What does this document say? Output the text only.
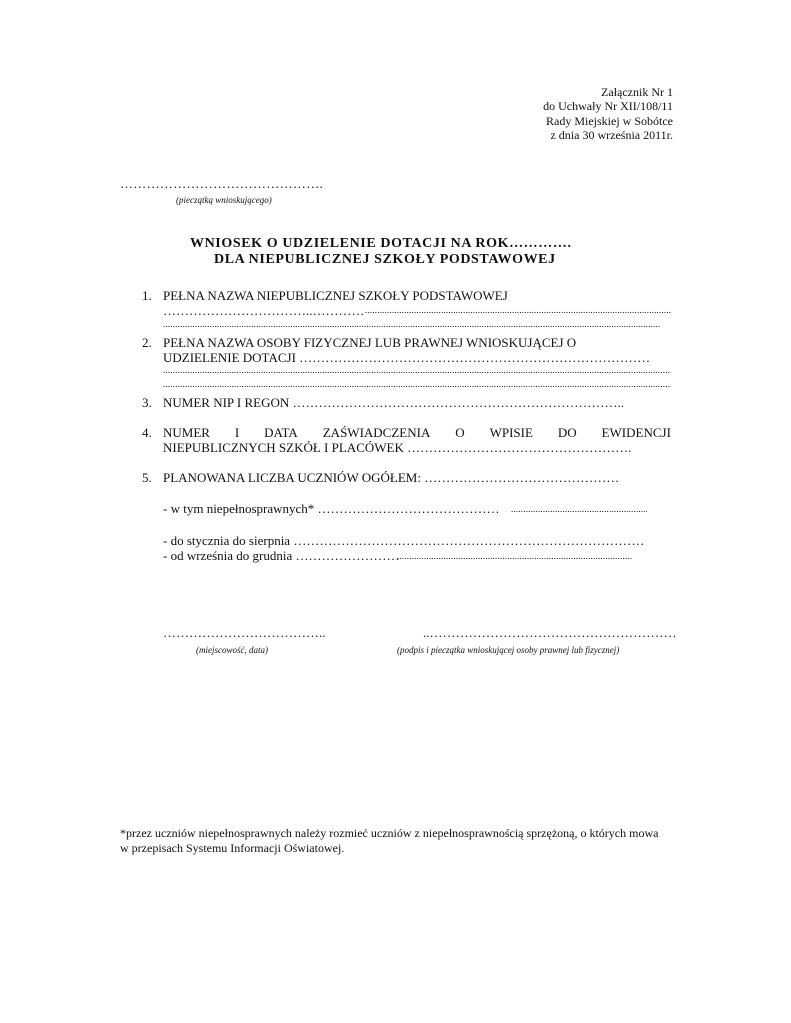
Załącznik Nr 1
do Uchwały Nr XII/108/11
Rady Miejskiej w Sobótce
z dnia 30 września 2011r.
……………………………………….
(pieczątką wnioskującego)
WNIOSEK O UDZIELENIE DOTACJI NA ROK………….
DLA NIEPUBLICZNEJ SZKOŁY PODSTAWOWEJ
1. PEŁNA NAZWA NIEPUBLICZNEJ SZKOŁY PODSTAWOWEJ
……………………………..…………
.....
.....
2. PEŁNA NAZWA OSOBY FIZYCZNEJ LUB PRAWNEJ WNIOSKUJĄCEJ O
UDZIELENIE DOTACJI ………………………………………………………………………
.....
.....
3. NUMER NIP I REGON …………………………………………………………………..
4. NUMER I DATA ZAŚWIADCZENIA O WPISIE DO EWIDENCJI
NIEPUBLICZNYCH SZKÓŁ I PLACÓWEK …………………………………………….
5. PLANOWANA LICZBA UCZNIÓW OGÓŁEM: ………………………………………
- w tym niepełnosprawnych* ……………………………………
.....
- do stycznia do sierpnia ………………………………………………………………………
- od września do grudnia ……………………
.....
………………………………..	..…………………………………………………
(miejscowość, data)	(podpis i pieczątka wnioskującej osoby prawnej lub fizycznej)
*przez uczniów niepełnosprawnych należy rozmieć uczniów z niepełnosprawnością sprzężoną, o których mowa
w przepisach Systemu Informacji Oświatowej.
